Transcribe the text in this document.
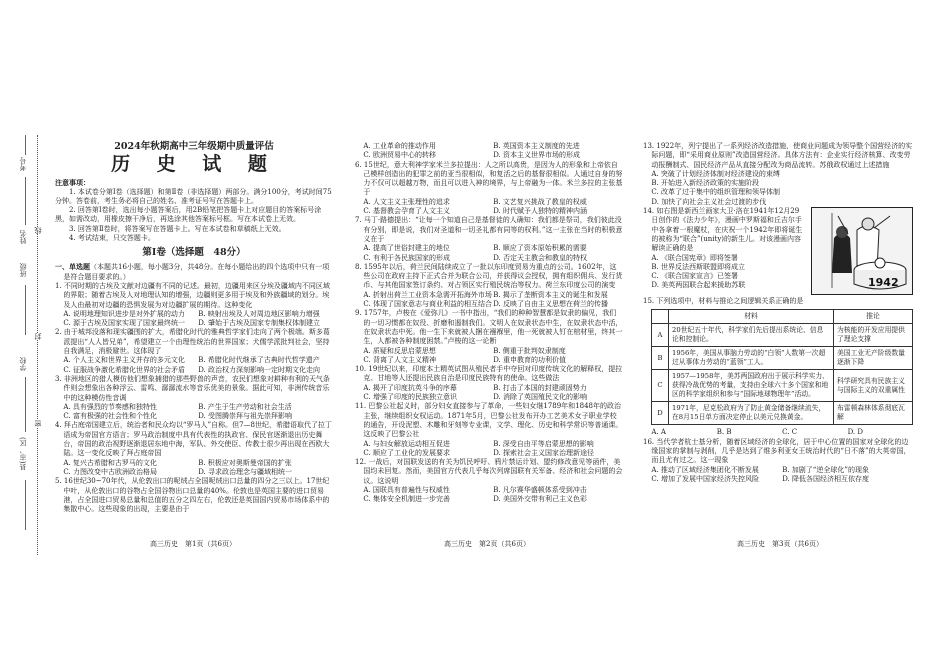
考号
姓名
班级
学校
县(市、区)
线
封
密
2024年秋期高中三年级期中质量评估
历 史 试 题
注意事项：

1. 本试卷分第Ⅰ卷（选择题）和第Ⅱ卷（非选择题）两部分。满分100分，考试时间75分钟。答卷前，考生务必将自己的姓名、准考证号写在答题卡上。

2. 回答第Ⅰ卷时，选出每小题答案后，用2B铅笔把答题卡上对应题目的答案标号涂黑，如需改动，用橡皮擦干净后，再选涂其他答案标号框。写在本试卷上无效。

3. 回答第Ⅱ卷时，将答案写在答题卡上。写在本试卷和草稿纸上无效。

4. 考试结束，只交答题卡。

第Ⅰ卷（选择题　48分）
一、单选题（本题共16小题，每小题3分，共48分。在每小题给出的四个选项中只有一项是符合题目要求的。）
1. 不同时期的古埃及文献对边疆有不同的记述。最初，边疆用来区分埃及疆域内不同区域的界限；随着古埃及人对地理认知的增强，边疆则更多用于埃及和外族疆域的划分。埃及人由最初对边疆的恐惧发展为对边疆扩展的期待。这种变化
A. 说明地理知识进步是对外扩展的动力	B. 映射出埃及人对周边地区影响力增强
C. 源于古埃及国家实现了国家最终统一	D. 肇始于古埃及国家专制集权体制建立
2. 由于城邦没落和现实疆围的扩大，希腊化时代的雅典哲学家们走向了两个极端。斯多葛派提出“人人皆兄弟”，希望建立一个由理性统治的世界国家；犬儒学派批判社会，坚持自我满足，消极避世。这体现了
A. 个人主义和世界主义并存的多元文化	B. 希腊化时代继承了古典时代哲学遗产
C. 征服战争激化希腊化世界的社会矛盾	D. 政治权力深刻影响一定时期文化走向
3. 非洲地区的猎人模仿他们想象捕猎的那些野兽的声音，农民们想象对耕种有利的天气条件则会想象出各种浮云、雷鸣、潺潺流水等音乐优美的景象。据此可知，非洲传统音乐中的这种模仿性音调
A. 具有强烈的节奏感和独特性	B. 产生于生产劳动和社会生活
C. 富有极强的社会性和个性化	D. 受图腾崇拜与祖先崇拜影响
4. 拜占庭帝国建立后，统治者和民众均以“罗马人”自称。但7—8世纪，希腊语取代了拉丁语成为帝国官方语言；罗马政治制度中具有代表性的执政官、保民官逐渐退出历史舞台，帝国的政治视野逐渐退居东地中海，军队、外交使臣、传教士很少再出现在西欧大陆。这一变化反映了拜占庭帝国
A. 复兴古希腊和古罗马的文化	B. 积极应对奥斯曼帝国的扩张
C. 力图改变中古欧洲政治格局	D. 寻求政治理念与疆域相统一
5. 16世纪30~70年代，从伦敦出口的呢绒占全国呢绒出口总量的四分之三以上。17世纪中叶，从伦敦出口的谷物占全国谷物出口总量的40%。伦敦也是英国主要的进口贸易港，占全国进口贸易总量和总值的五分之四左右，伦敦还是英国国内贸易市场体系中的集散中心。这些现象的出现，主要是由于
高三历史　第1页（共6页）
A. 工业革命的推动作用	B. 英国资本主义制度的先进
C. 欧洲贸易中心的转移	D. 资本主义世界市场的形成
6. 15世纪，意大利神学家米兰多拉提出：人之所以高贵，是因为人的形象和上帝依自己模样创造出的犯罪之前的亚当很相似，和复活之后的基督很相似。人通过自身的努力不仅可以超越万物，而且可以进入神的境界，与上帝融为一体。米兰多拉的主张基于
A. 人文主义主张理性的追求	B. 文艺复兴挑战了教皇的权威
C. 基督教会孕育了人文主义	D. 时代赋予人独特的精神内涵
7. 马丁·路德提出：“让每一个知道自己是基督徒的人确知：我们都是祭司，我们彼此没有分别，即是说，我们对圣道和一切圣礼都有同等的权利。”这一主张在当时的积极意义在于
A. 提高了世俗封建主的地位	B. 顺应了资本原始积累的需要
C. 有利于各民族国家的形成	D. 否定天主教会和教皇的特权
8. 1595年以后，荷兰民间陆续成立了一批以东印度贸易为重点的公司。1602年，这些公司在政府主持下正式合并为联合公司，并获得议会授权，拥有组织佣兵、发行货币、与其他国家签订条约、对占领区实行殖民统治等权力。荷兰东印度公司的演变
A. 折射出荷兰工业资本急需开拓海外市场 B. 揭示了垄断资本主义的诞生和发展
C. 体现了国家意志与商业利益的相互结合 D. 反映了自由主义思想在荷兰的传播
9. 1757年，卢梭在《爱弥儿》一书中指出，“我们的种种智慧都是奴隶的偏见，我们的一切习惯都在奴役、折磨和遏制我们。文明人在奴隶状态中生，在奴隶状态中活，在奴隶状态中死。他一生下来就被人捆在襁褓里，他一死就被人钉在棺材里，终其一生，人都被各种制度困禁。”卢梭的这一论断
A. 质疑和反思启蒙思想	B. 侧重于批判奴隶制度
C. 背离了人文主义精神	D. 重申教育的功利价值
10. 19世纪以来，印度本土精英试图从殖民者手中夺回对印度传统文化的解释权，提拉克、甘地等人还提出民族自治是印度民族特有的使命。这些做法
A. 揭开了印度抗英斗争的序幕	B. 打击了本国的封建顽固势力
C. 增强了印度的民族独立意识	D. 消除了英国殖民文化的影响
11. 巴黎公社起义时，部分妇女直接参与了革命，一些妇女继1789年和1848年的政治主张，继续组织女权运动。1871年5月，巴黎公社发布开办工艺美术女子职业学校的通告，开设泥塑、木雕和牙刻等专业课，文学、理化、历史和科学常识等普通课。这反映了巴黎公社
A. 与妇女解放运动相互促进	B. 深受自由平等启蒙思想的影响
C. 顺应了工业化的发展要求	D. 探索社会主义国家治理新途径
12. 一战后，对国联发送的有关为饥民呼吁、鸦片禁运计划、盟约修改意见等函件，美国均未回复。然而，美国官方代表几乎每次列席国联有关军备、经济和社会问题的会议。这说明
A. 国联具有普遍性与权威性	B. 凡尔赛华盛顿体系受到冲击
C. 集体安全机制进一步完善	D. 美国外交带有利己主义色彩
高三历史　第2页（共6页）
13. 1922年，列宁提出了一系列经济改造措施，使商业问题成为领导整个国营经济的实际问题，即“采用商业原则”改造国营经济。具体方法有：企业实行经济核算、改变劳动报酬制式、国民经济产品从直接分配改为商品流转。苏俄政权通过上述措施
A. 突破了计划经济体制对经济建设的束缚
B. 开始进入新经济政策的实施阶段
C. 改革了过于集中的组织管理和领导体制
D. 加快了向社会主义社会过渡的步伐
1942
14. 如右图是新西兰画家大卫·洛在1941年12月29日创作的《法力少年》，漫画中罗斯福和丘吉尔手中各拿着一根魔杖，在庆祝一个1942年即将诞生的被称为“联合”(unity)的新生儿。对该漫画内容解读正确的是
A. 《联合国宪章》即将签署
B. 世界反法西斯联盟即将成立
C. 《联合国家宣言》已签署
D. 美英两国联合起来援助苏联
15. 下列选项中，材料与推论之间逻辑关系正确的是
	材料	推论
A	20世纪五十年代，科学家们先后提出系统论、信息论和控制论。	为核能的开发应用提供了理论支撑
B	1956年，美国从事脑力劳动的“白领”人数第一次超过从事体力劳动的“蓝领”工人。	美国工业无产阶级数量逐渐下降
C	1957—1958年，美苏两国政府出于展示科学实力、获得冷战优势的考量，支持由全球六十多个国家和地区的科学家组织和参与“国际地球物理年”活动。	科学研究具有民族主义与国际主义的双重属性
D	1971年，尼克松政府为了防止黄金储备继续流失，在8月15日单方面决定停止以美元兑换黄金。	布雷顿森林体系彻底瓦解
A. A	B. B	C. C	D. D
16. 当代学者杭士基分析，随着区域经济的全球化，居于中心位置的国家对全球化的边缘国家的掌制与剥削，几乎是达到了维多利亚女王统治时代的“日不落”的大英帝国，而且尤有过之。这一现象
A. 推动了区域经济集团化不断发展	B. 加剧了“逆全球化”的现象
C. 增加了发展中国家经济失控风险	D. 降低各国经济相互依存度
高三历史　第3页（共6页）
